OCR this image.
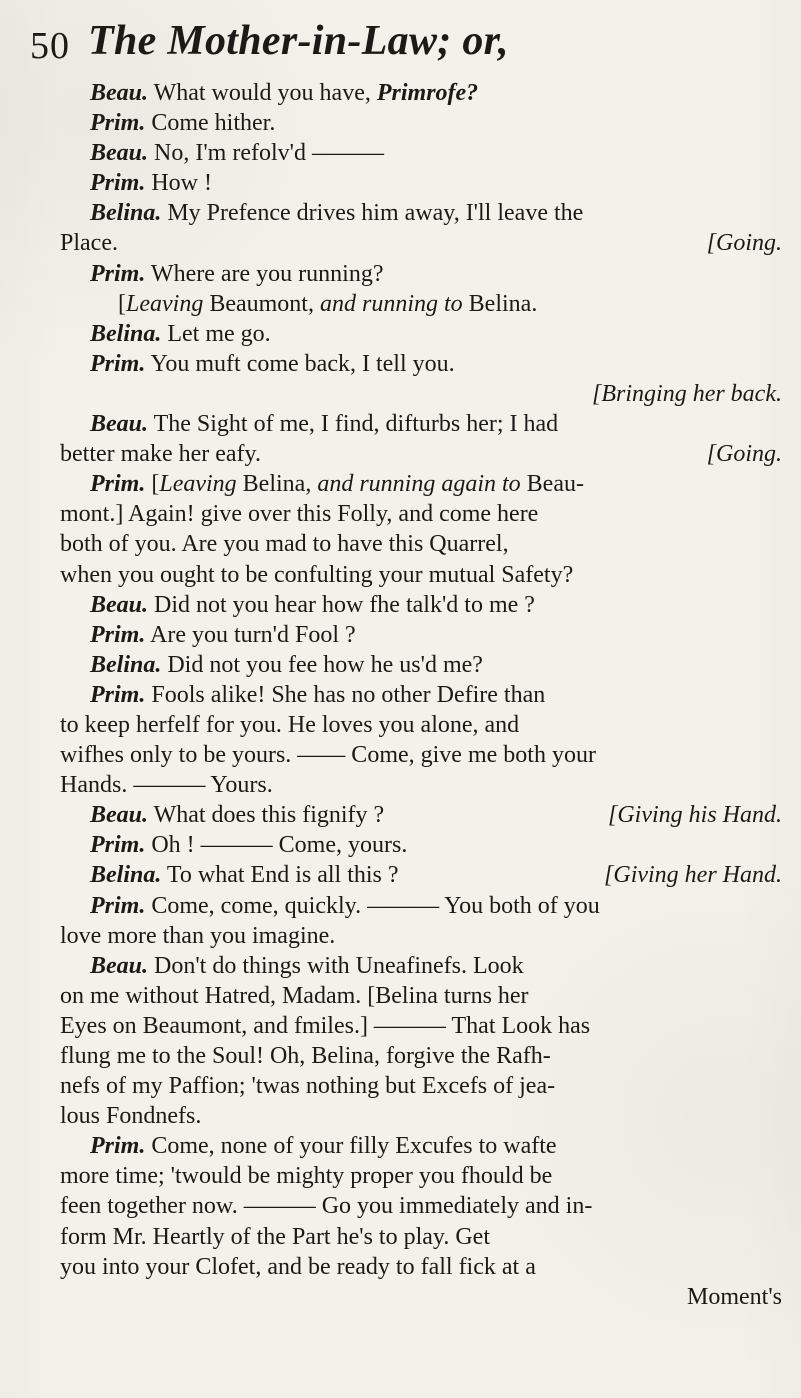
50 The Mother-in-Law; or,
Beau. What would you have, Primrofe?
Prim. Come hither.
Beau. No, I'm refolv'd ———
Prim. How !
Belina. My Prefence drives him away, I'll leave the
Place.	[Going.
Prim. Where are you running?
[Leaving Beaumont, and running to Belina.
Belina. Let me go.
Prim. You muft come back, I tell you.
[Bringing her back.
Beau. The Sight of me, I find, difturbs her; I had
better make her eafy.	[Going.
Prim. [Leaving Belina, and running again to Beau-
mont.] Again! give over this Folly, and come here
both of you. Are you mad to have this Quarrel,
when you ought to be confulting your mutual Safety?
Beau. Did not you hear how fhe talk'd to me ?
Prim. Are you turn'd Fool ?
Belina. Did not you fee how he us'd me?
Prim. Fools alike! She has no other Defire than
to keep herfelf for you. He loves you alone, and
wifhes only to be yours. —— Come, give me both your
Hands. ——— Yours.
Beau. What does this fignify ?	[Giving his Hand.
Prim. Oh ! ——— Come, yours.
Belina. To what End is all this ?	[Giving her Hand.
Prim. Come, come, quickly. ——— You both of you
love more than you imagine.
Beau. Don't do things with Uneafinefs. Look
on me without Hatred, Madam. [Belina turns her
Eyes on Beaumont, and fmiles.] ——— That Look has
flung me to the Soul! Oh, Belina, forgive the Rafh-
nefs of my Paffion; 'twas nothing but Excefs of jea-
lous Fondnefs.
Prim. Come, none of your filly Excufes to wafte
more time; 'twould be mighty proper you fhould be
feen together now. ——— Go you immediately and in-
form Mr. Heartly of the Part he's to play. Get
you into your Clofet, and be ready to fall fick at a
Moment's
